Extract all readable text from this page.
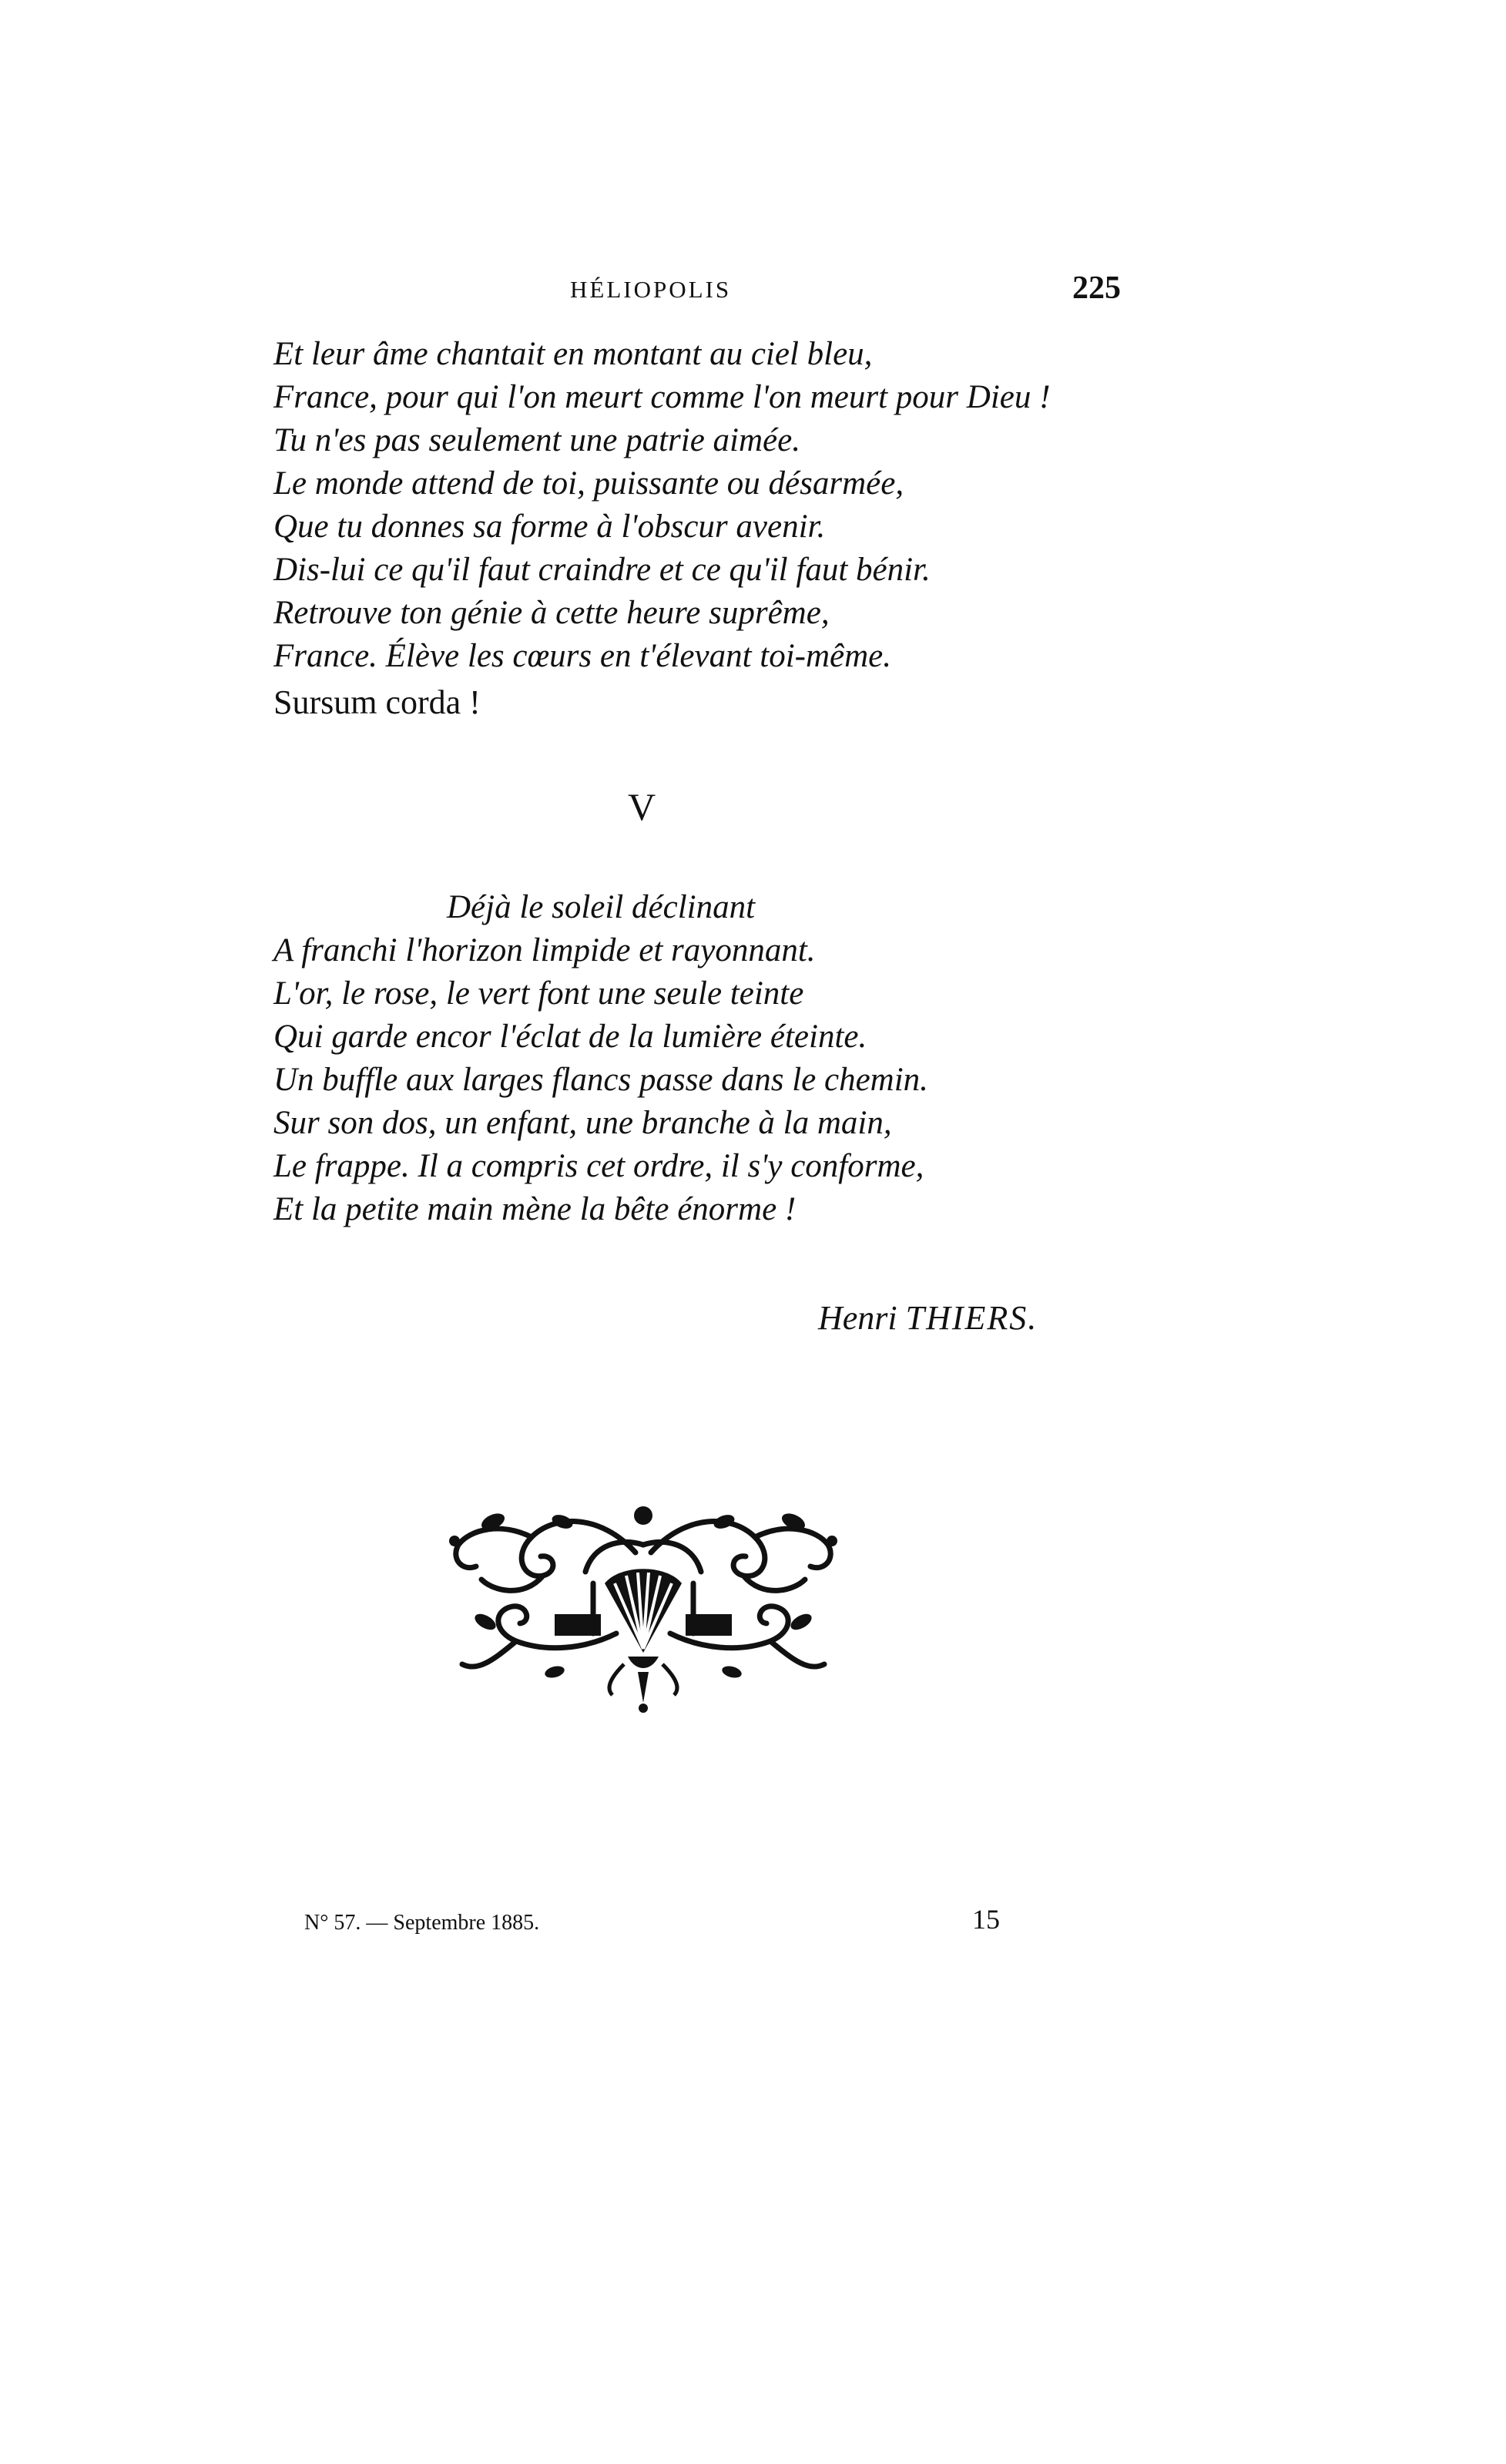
HÉLIOPOLIS	225
Et leur âme chantait en montant au ciel bleu,
France, pour qui l'on meurt comme l'on meurt pour Dieu !
Tu n'es pas seulement une patrie aimée.
Le monde attend de toi, puissante ou désarmée,
Que tu donnes sa forme à l'obscur avenir.
Dis-lui ce qu'il faut craindre et ce qu'il faut bénir.
Retrouve ton génie à cette heure suprême,
France. Élève les cœurs en t'élevant toi-même.
Sursum corda !
V
Déjà le soleil déclinant
A franchi l'horizon limpide et rayonnant.
L'or, le rose, le vert font une seule teinte
Qui garde encor l'éclat de la lumière éteinte.
Un buffle aux larges flancs passe dans le chemin.
Sur son dos, un enfant, une branche à la main,
Le frappe. Il a compris cet ordre, il s'y conforme,
Et la petite main mène la bête énorme !
Henri THIERS.
N° 57. — Septembre 1885.	15
